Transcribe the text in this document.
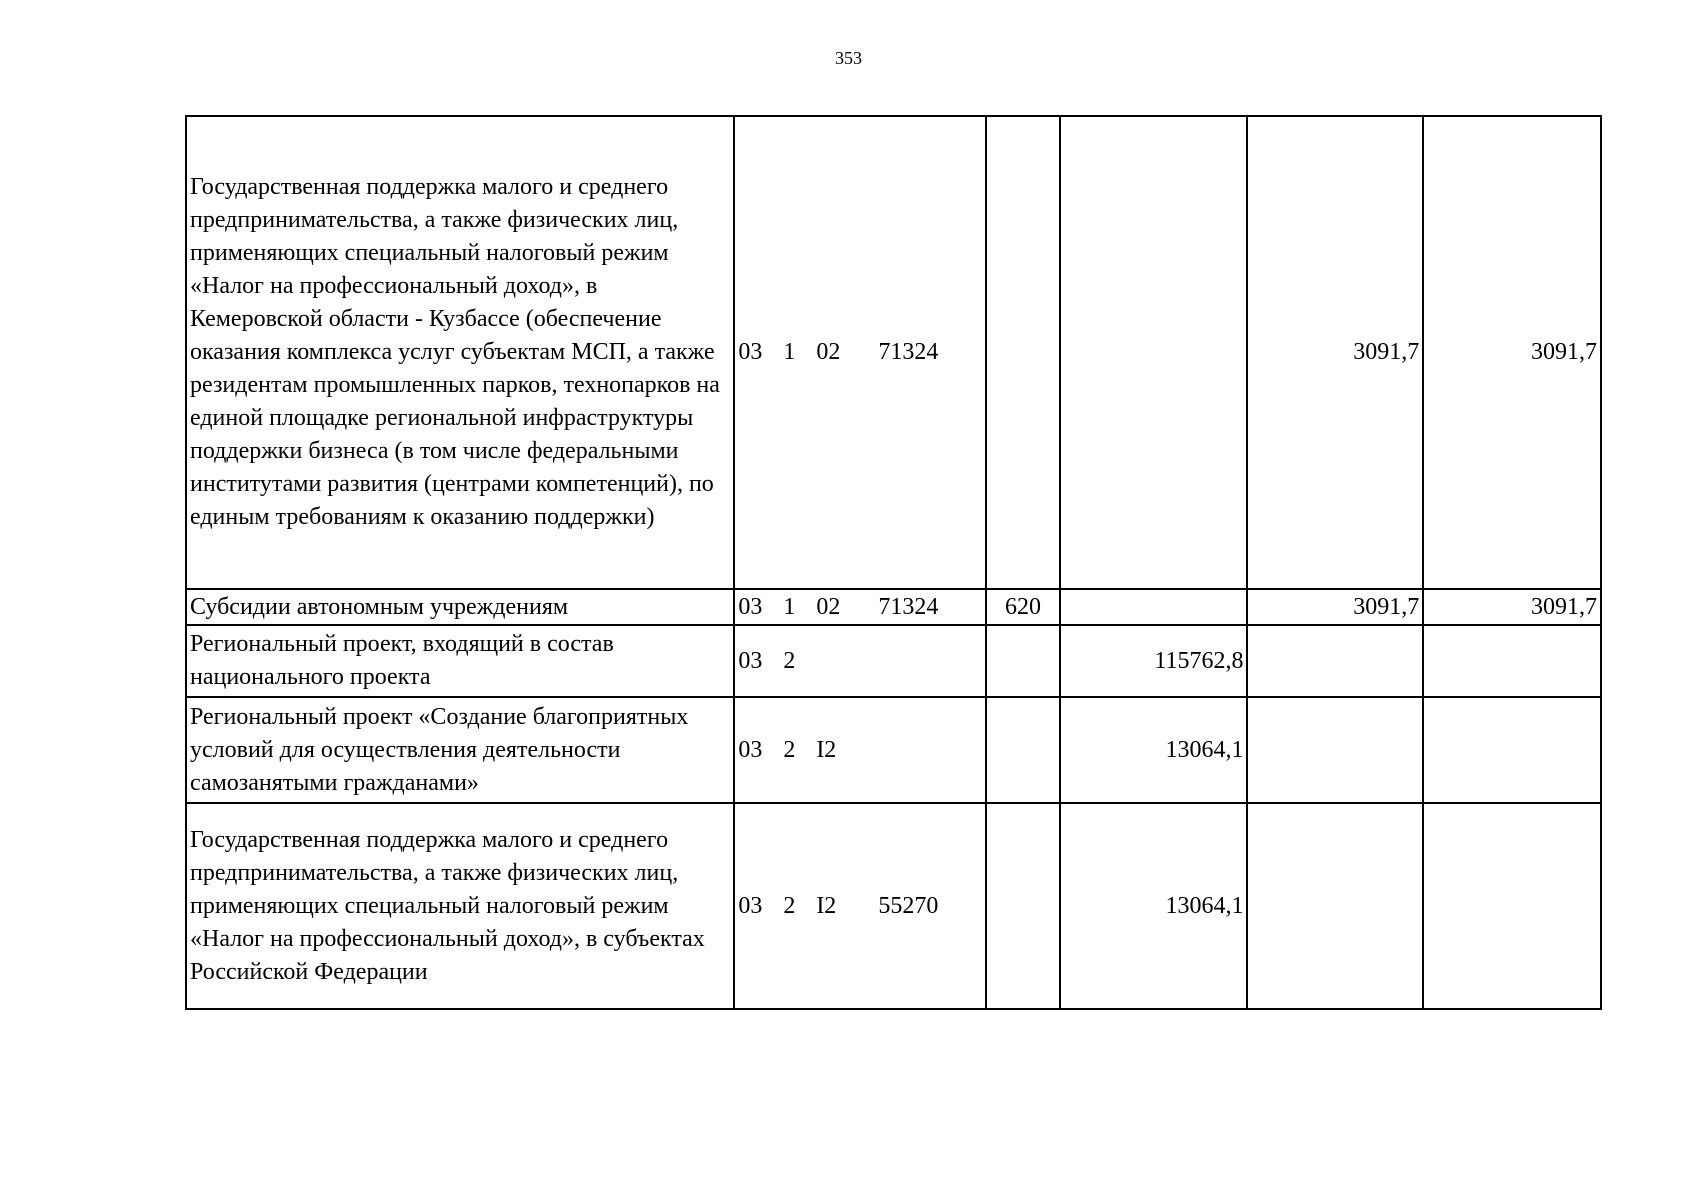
353
Государственная поддержка малого и среднего предпринимательства, а также физических лиц, применяющих специальный налоговый режим «Налог на профессиональный доход», в Кемеровской области - Кузбассе (обеспечение оказания комплекса услуг субъектам МСП, а также резидентам промышленных парков, технопарков на единой площадке региональной инфраструктуры поддержки бизнеса (в том числе федеральными институтами развития (центрами компетенций), по единым требованиям к оказанию поддержки)	03 1 02 71324			3091,7	3091,7
Субсидии автономным учреждениям	03 1 02 71324	620		3091,7	3091,7
Региональный проект, входящий в состав национального проекта	03 2		115762,8		
Региональный проект «Создание благоприятных условий для осуществления деятельности самозанятыми гражданами»	03 2 I2		13064,1		
Государственная поддержка малого и среднего предпринимательства, а также физических лиц, применяющих специальный налоговый режим «Налог на профессиональный доход», в субъектах Российской Федерации	03 2 I2 55270		13064,1		
